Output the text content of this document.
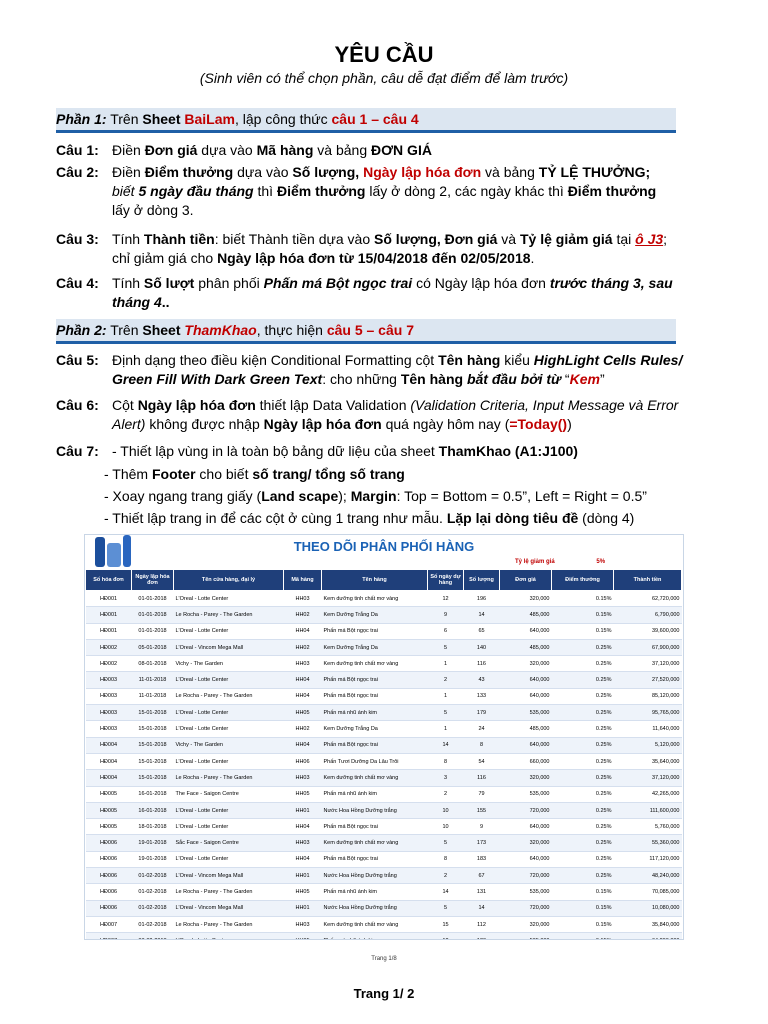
YÊU CẦU
(Sinh viên có thể chọn phần, câu dễ đạt điểm để làm trước)
Phần 1: Trên Sheet BaiLam, lập công thức câu 1 – câu 4
Câu 1: Điền Đơn giá dựa vào Mã hàng và bảng ĐƠN GIÁ
Câu 2: Điền Điểm thưởng dựa vào Số lượng, Ngày lập hóa đơn và bảng TỶ LỆ THƯỞNG;
biết 5 ngày đầu tháng thì Điểm thưởng lấy ở dòng 2, các ngày khác thì Điểm thưởng
lấy ở dòng 3.
Câu 3: Tính Thành tiền: biết Thành tiền dựa vào Số lượng, Đơn giá và Tỷ lệ giảm giá tại ô J3;
chỉ giảm giá cho Ngày lập hóa đơn từ 15/04/2018 đến 02/05/2018.
Câu 4: Tính Số lượt phân phối Phấn má Bột ngọc trai có Ngày lập hóa đơn trước tháng 3, sau tháng 4..
Phần 2: Trên Sheet ThamKhao, thực hiện câu 5 – câu 7
Câu 5: Định dạng theo điều kiện Conditional Formatting cột Tên hàng kiểu HighLight Cells Rules/ Green Fill With Dark Green Text: cho những Tên hàng bắt đầu bởi từ “Kem”
Câu 6: Cột Ngày lập hóa đơn thiết lập Data Validation (Validation Criteria, Input Message và Error Alert) không được nhập Ngày lập hóa đơn quá ngày hôm nay (=Today())
Câu 7: - Thiết lập vùng in là toàn bộ bảng dữ liệu của sheet ThamKhao (A1:J100)
- Thêm Footer cho biết số trang/ tổng số trang
- Xoay ngang trang giấy (Land scape); Margin: Top = Bottom = 0.5”, Left = Right = 0.5”
- Thiết lập trang in để các cột ở cùng 1 trang như mẫu. Lặp lại dòng tiêu đề (dòng 4)
THEO DÕI PHÂN PHỐI HÀNG
Tỷ lệ giảm giá	5%
Số hóa đơn	Ngày lập hóa đơn	Tên cửa hàng, đại lý	Mã hàng	Tên hàng	Số ngày dự hàng	Số lượng	Đơn giá	Điểm thưởng	Thành tiền
HĐ001	01-01-2018	L'Oreal - Lotte Center	HH03	Kem dưỡng tinh chất mơ vàng	12	196	320,000	0.15%	62,720,000
HĐ001	01-01-2018	Le Rocha - Parey - The Garden	HH02	Kem Dưỡng Trắng Da	9	14	485,000	0.15%	6,790,000
HĐ001	01-01-2018	L'Oreal - Lotte Center	HH04	Phấn má Bột ngọc trai	6	65	640,000	0.15%	39,600,000
HĐ002	05-01-2018	L'Oreal - Vincom Mega Mall	HH02	Kem Dưỡng Trắng Da	5	140	485,000	0.25%	67,900,000
HĐ002	08-01-2018	Vichy - The Garden	HH03	Kem dưỡng tinh chất mơ vàng	1	116	320,000	0.25%	37,120,000
HĐ003	11-01-2018	L'Oreal - Lotte Center	HH04	Phấn má Bột ngọc trai	2	43	640,000	0.25%	27,520,000
HĐ003	11-01-2018	Le Rocha - Parey - The Garden	HH04	Phấn má Bột ngọc trai	1	133	640,000	0.25%	85,120,000
HĐ003	15-01-2018	L'Oreal - Lotte Center	HH05	Phấn má nhũ ánh kim	5	179	535,000	0.25%	95,765,000
HĐ003	15-01-2018	L'Oreal - Lotte Center	HH02	Kem Dưỡng Trắng Da	1	24	485,000	0.25%	11,640,000
HĐ004	15-01-2018	Vichy - The Garden	HH04	Phấn má Bột ngọc trai	14	8	640,000	0.25%	5,120,000
HĐ004	15-01-2018	L'Oreal - Lotte Center	HH06	Phấn Tươi Dưỡng Da Lâu Trôi	8	54	660,000	0.25%	35,640,000
HĐ004	15-01-2018	Le Rocha - Parey - The Garden	HH03	Kem dưỡng tinh chất mơ vàng	3	116	320,000	0.25%	37,120,000
HĐ005	16-01-2018	The Face - Saigon Centre	HH05	Phấn má nhũ ánh kim	2	79	535,000	0.25%	42,265,000
HĐ005	16-01-2018	L'Oreal - Lotte Center	HH01	Nước Hoa Hồng Dưỡng trắng	10	155	720,000	0.25%	111,600,000
HĐ005	18-01-2018	L'Oreal - Lotte Center	HH04	Phấn má Bột ngọc trai	10	9	640,000	0.25%	5,760,000
HĐ006	19-01-2018	Sắc Face - Saigon Centre	HH03	Kem dưỡng tinh chất mơ vàng	5	173	320,000	0.25%	55,360,000
HĐ006	19-01-2018	L'Oreal - Lotte Center	HH04	Phấn má Bột ngọc trai	8	183	640,000	0.25%	117,120,000
HĐ006	01-02-2018	L'Oreal - Vincom Mega Mall	HH01	Nước Hoa Hồng Dưỡng trắng	2	67	720,000	0.25%	48,240,000
HĐ006	01-02-2018	Le Rocha - Parey - The Garden	HH05	Phấn má nhũ ánh kim	14	131	535,000	0.15%	70,085,000
HĐ006	01-02-2018	L'Oreal - Vincom Mega Mall	HH01	Nước Hoa Hồng Dưỡng trắng	5	14	720,000	0.15%	10,080,000
HĐ007	01-02-2018	Le Rocha - Parey - The Garden	HH03	Kem dưỡng tinh chất mơ vàng	15	112	320,000	0.15%	35,840,000

Trang 1/8
Trang 1/ 2
